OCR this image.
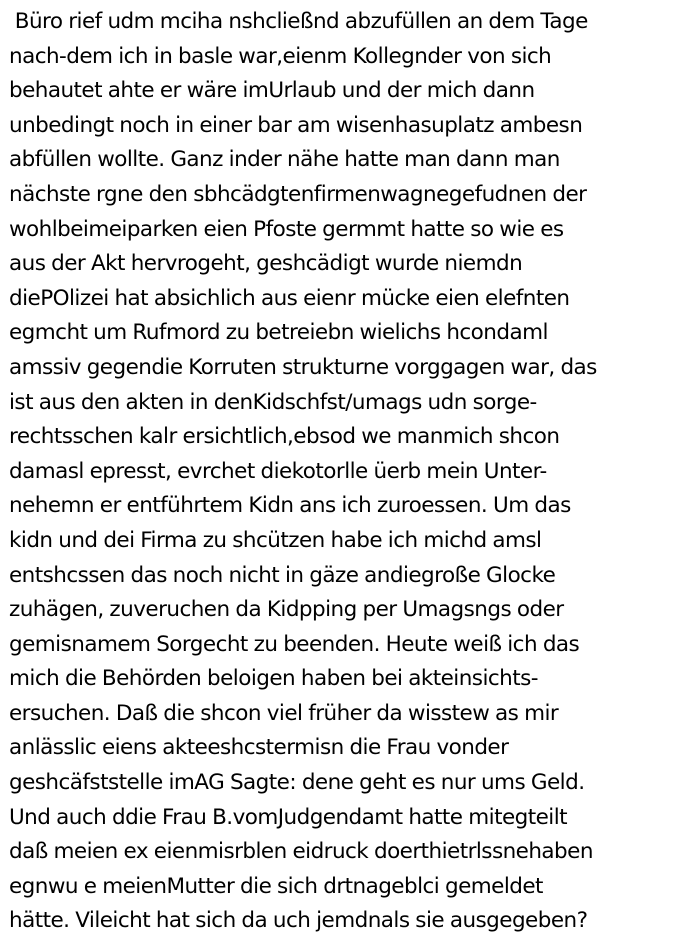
Büro rief udm mciha nshcließnd abzufüllen an dem Tage
nach-dem ich in basle war,eienm Kollegnder von sich
behautet ahte er wäre imUrlaub und der mich dann
unbedingt noch in einer bar am wisenhasuplatz ambesn
abfüllen wollte. Ganz inder nähe hatte man dann man
nächste rgne den sbhcädgtenfirmenwagnegefudnen der
wohlbeimeiparken eien Pfoste germmt hatte so wie es
aus der Akt hervrogeht, geshcädigt wurde niemdn
diePOlizei hat absichlich aus eienr mücke eien elefnten
egmcht um Rufmord zu betreiebn wielichs hcondaml
amssiv gegendie Korruten strukturne vorggagen war, das
ist aus den akten in denKidschfst/umags udn sorge-
rechtsschen kalr ersichtlich,ebsod we manmich shcon
damasl epresst, evrchet diekotorlle üerb mein Unter-
nehemn er entführtem Kidn ans ich zuroessen. Um das
kidn und dei Firma zu shcützen habe ich michd amsl
entshcssen das noch nicht in gäze andiegroße Glocke
zuhägen, zuveruchen da Kidpping per Umagsngs oder
gemisnamem Sorgecht zu beenden. Heute weiß ich das
mich die Behörden beloigen haben bei akteinsichts-
ersuchen. Daß die shcon viel früher da wisstew as mir
anlässlic eiens akteeshcstermisn die Frau vonder
geshcäfststelle imAG Sagte: dene geht es nur ums Geld.
Und auch ddie Frau B.vomJudgendamt hatte mitegteilt
daß meien ex eienmisrblen eidruck doerthietrlssnehaben
egnwu e meienMutter die sich drtnageblci gemeldet
hätte. Vileicht hat sich da uch jemdnals sie ausgegeben?
